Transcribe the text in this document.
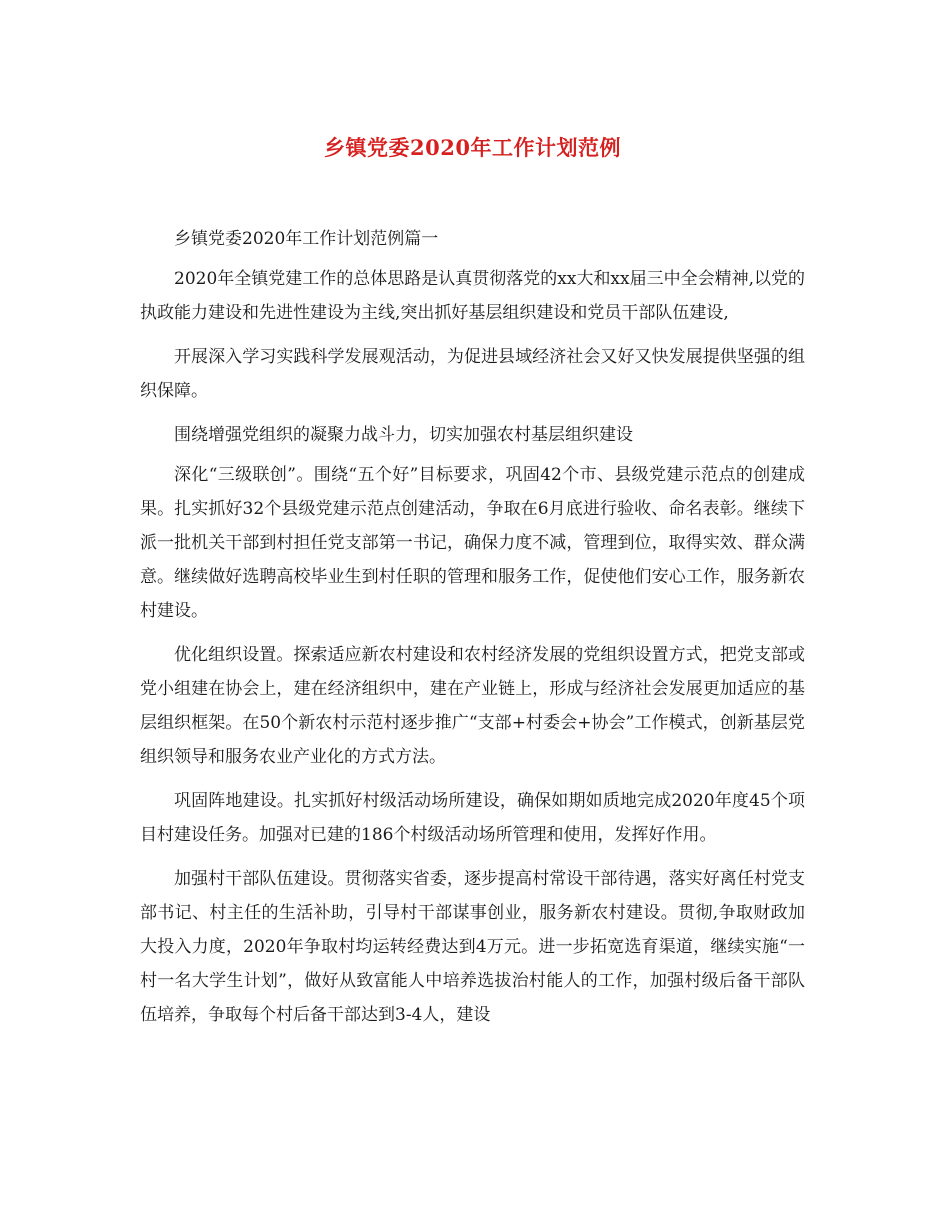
乡镇党委2020年工作计划范例

乡镇党委2020年工作计划范例篇一

2020年全镇党建工作的总体思路是认真贯彻落党的xx大和xx届三中全会精神,以党的执政能力建设和先进性建设为主线,突出抓好基层组织建设和党员干部队伍建设,

开展深入学习实践科学发展观活动，为促进县域经济社会又好又快发展提供坚强的组织保障。

围绕增强党组织的凝聚力战斗力，切实加强农村基层组织建设

深化“三级联创”。围绕“五个好”目标要求，巩固42个市、县级党建示范点的创建成果。扎实抓好32个县级党建示范点创建活动，争取在6月底进行验收、命名表彰。继续下派一批机关干部到村担任党支部第一书记，确保力度不减，管理到位，取得实效、群众满意。继续做好选聘高校毕业生到村任职的管理和服务工作，促使他们安心工作，服务新农村建设。

优化组织设置。探索适应新农村建设和农村经济发展的党组织设置方式，把党支部或党小组建在协会上，建在经济组织中，建在产业链上，形成与经济社会发展更加适应的基层组织框架。在50个新农村示范村逐步推广“支部+村委会+协会”工作模式，创新基层党组织领导和服务农业产业化的方式方法。

巩固阵地建设。扎实抓好村级活动场所建设，确保如期如质地完成2020年度45个项目村建设任务。加强对已建的186个村级活动场所管理和使用，发挥好作用。

加强村干部队伍建设。贯彻落实省委，逐步提高村常设干部待遇，落实好离任村党支部书记、村主任的生活补助，引导村干部谋事创业，服务新农村建设。贯彻,争取财政加大投入力度，2020年争取村均运转经费达到4万元。进一步拓宽选育渠道，继续实施“一村一名大学生计划”，做好从致富能人中培养选拔治村能人的工作，加强村级后备干部队伍培养，争取每个村后备干部达到3-4人，建设
